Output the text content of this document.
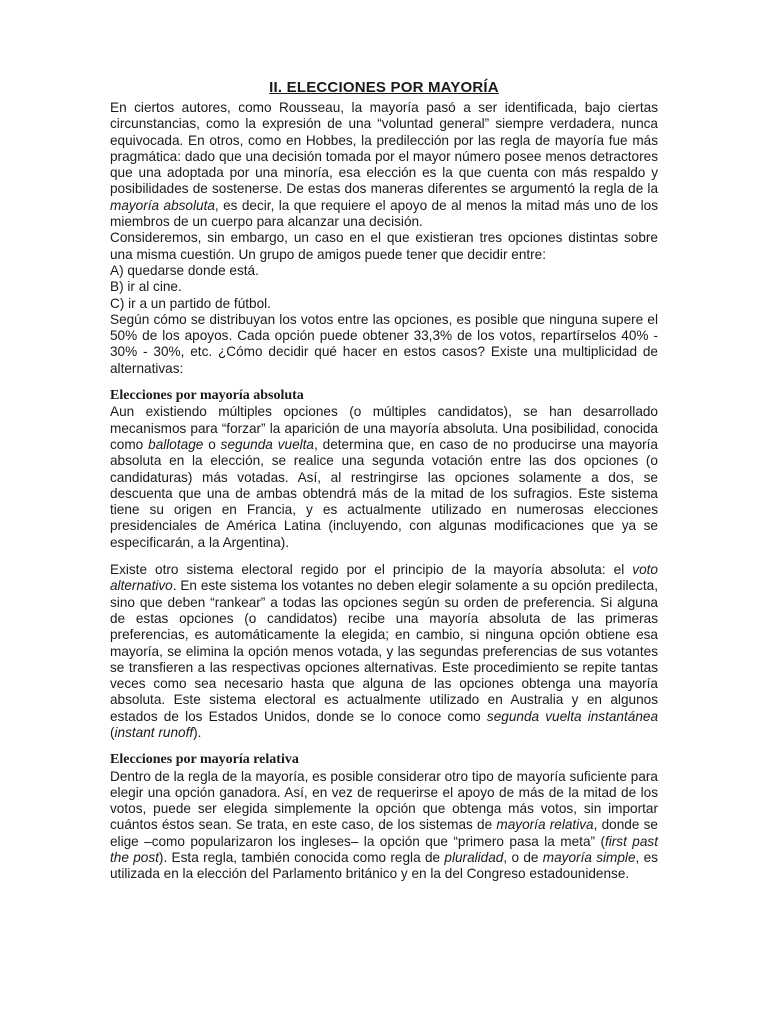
II. ELECCIONES POR MAYORÍA

En ciertos autores, como Rousseau, la mayoría pasó a ser identificada, bajo ciertas circunstancias, como la expresión de una “voluntad general” siempre verdadera, nunca equivocada. En otros, como en Hobbes, la predilección por las regla de mayoría fue más pragmática: dado que una decisión tomada por el mayor número posee menos detractores que una adoptada por una minoría, esa elección es la que cuenta con más respaldo y posibilidades de sostenerse. De estas dos maneras diferentes se argumentó la regla de la mayoría absoluta, es decir, la que requiere el apoyo de al menos la mitad más uno de los miembros de un cuerpo para alcanzar una decisión.

Consideremos, sin embargo, un caso en el que existieran tres opciones distintas sobre una misma cuestión. Un grupo de amigos puede tener que decidir entre:

A) quedarse donde está.

B) ir al cine.

C) ir a un partido de fútbol.

Según cómo se distribuyan los votos entre las opciones, es posible que ninguna supere el 50% de los apoyos. Cada opción puede obtener 33,3% de los votos, repartírselos 40% - 30% - 30%, etc. ¿Cómo decidir qué hacer en estos casos? Existe una multiplicidad de alternativas:

Elecciones por mayoría absoluta

Aun existiendo múltiples opciones (o múltiples candidatos), se han desarrollado mecanismos para “forzar” la aparición de una mayoría absoluta. Una posibilidad, conocida como ballotage o segunda vuelta, determina que, en caso de no producirse una mayoría absoluta en la elección, se realice una segunda votación entre las dos opciones (o candidaturas) más votadas. Así, al restringirse las opciones solamente a dos, se descuenta que una de ambas obtendrá más de la mitad de los sufragios. Este sistema tiene su origen en Francia, y es actualmente utilizado en numerosas elecciones presidenciales de América Latina (incluyendo, con algunas modificaciones que ya se especificarán, a la Argentina).

Existe otro sistema electoral regido por el principio de la mayoría absoluta: el voto alternativo. En este sistema los votantes no deben elegir solamente a su opción predilecta, sino que deben “rankear” a todas las opciones según su orden de preferencia. Si alguna de estas opciones (o candidatos) recibe una mayoría absoluta de las primeras preferencias, es automáticamente la elegida; en cambio, si ninguna opción obtiene esa mayoría, se elimina la opción menos votada, y las segundas preferencias de sus votantes se transfieren a las respectivas opciones alternativas. Este procedimiento se repite tantas veces como sea necesario hasta que alguna de las opciones obtenga una mayoría absoluta. Este sistema electoral es actualmente utilizado en Australia y en algunos estados de los Estados Unidos, donde se lo conoce como segunda vuelta instantánea (instant runoff).

Elecciones por mayoría relativa

Dentro de la regla de la mayoría, es posible considerar otro tipo de mayoría suficiente para elegir una opción ganadora. Así, en vez de requerirse el apoyo de más de la mitad de los votos, puede ser elegida simplemente la opción que obtenga más votos, sin importar cuántos éstos sean. Se trata, en este caso, de los sistemas de mayoría relativa, donde se elige –como popularizaron los ingleses– la opción que “primero pasa la meta” (first past the post). Esta regla, también conocida como regla de pluralidad, o de mayoría simple, es utilizada en la elección del Parlamento británico y en la del Congreso estadounidense.
